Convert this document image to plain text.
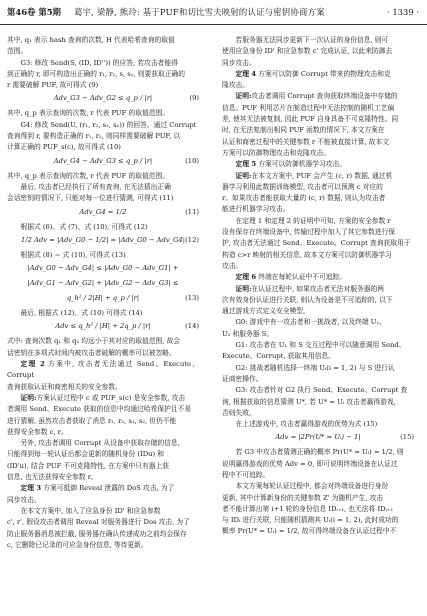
第46卷 第5期 葛宇, 梁静, 熊玲: 基于PUF和切比雪夫映射的认证与密钥协商方案	· 1339 ·

其中, q₁ 表示 hash 查询的次数, H 代表哈希查询的取值

范围。

G3: 修改 Send(S, (ID, ID'')) 的应答, 若攻击者能得

到正确的 r, 即可构造出正确的 r₁, r₂, s, s₂, 则要获取正确的

r 需要破解 PUF, 故可得式 (9)

Adv_G3 − Adv_G2 ≤ q_p / |r|	(9)

其中, q_p 表示查询的次数, r 代表 PUF 的取值范围。

G4: 修改 Send(U, (r₁, r₂, s₁, s₂)) 的回答。通过 Corrupt

查询得到 r, 要构造正确的 r₁, r₂, 则同样需要破解 PUF, 以

计算正确的 PUF_s(c), 故可得式 (10)

Adv_G4 − Adv_G3 ≤ q_p / |r|	(10)

其中, q_p 表示查询的次数, r 代表 PUF 的取值范围。

最后, 攻击者已经执行了所有查询, 在无法猜出正确

会话密钥的情况下, 只能对每一位进行猜测, 可得式 (11)

Adv_G4 = 1/2	(11)

根据式 (6)、式 (7)、式 (10), 可得式 (12)

1/2 Adv = |Adv_G0 − 1/2| = |Adv_G0 − Adv_G4| (12)

根据式 (8) ~ 式 (10), 可得式 (13)

|Adv_G0 − Adv_G4| ≤ |Adv_G0 − Adv_G1| +
|Adv_G1 − Adv_G2| + |Adv_G2 − Adv_G3| ≤
q_h² / 2|H| + q_p / |r|	(13)

最后, 根据式 (12)、式 (10) 可得式 (14)

Adv ≤ q_h² / |H| + 2q_p / |r|	(14)

式中: 查询次数 q₁ 和 q₂ 均远小于其对应的取值范围, 故会

话密钥在多项式时间内被攻击者破解的概率可以被忽略。

定理 2 方案中, 攻击者无法通过 Send、Execute、Corrupt

查询获取认证和商密相关的安全参数。

证明:方案认证过程中 c 或 PUF_s(c) 是安全参数, 攻击

者调用 Send、Execute 获取的信息中均通过哈希保护且不易

进行猜解, 虽然攻击者获取了消息 r₁, r₂, s₁, s₂, 但仍不能

获得安全参数 c, r。

另外, 攻击者调用 Corrupt 从设备中获取存储的信息,

只能得到每一轮认证后都会更新的随机身份 (IDu) 和

(ID'u), 结合 PUF 不可克隆特性, 在方案中只有器上获

信息, 也无法获得安全参数 r。

定理 3 方案可抵御 Reveal 泄露的 DoS 攻击, 为了

同步攻击。

在本文方案中, 加入了应急身份 ID' 和应急参数

c', r', 假设攻击者调用 Reveal 对服务器进行 Dos 攻击, 为了

防止服务器消息被拦截, 服务器在确认传递成功之前均会保存

c, 它删除已记录的可应急身份信息, 等待更新。

若服务器无法同步更新下一次认证的身份信息, 则可

使用应急身份 ID' 和应急参数 c' 完成认证, 以此来防御去

同步攻击。

定理 4 方案可以防御 Corrupt 带来的物理攻击和克

隆攻击。

证明:攻击者调用 Corrupt 查询获取终端设备中存储的

信息。PUF 利用芯片在制造过程中无法控制的随机工艺偏

差, 使其无法被复制, 因此 PUF 自身具备不可克隆特性。同

时, 在无法复制出相同 PUF 函数的情况下, 本文方案在

认证和商密过程中的关键参数 r 不能被直接计算, 故本文

方案可以防御物理攻击和克隆攻击。

定理 5 方案可以防御机器学习攻击。

证明:在本文方案中, PUF 会产生 (c, r) 数据, 通过机

器学习利用此数据训练模型, 攻击者可以预测 c 对应的

r。如果攻击者能获取大量的 (c, r) 数据, 则认为攻击者

能进行机器学习攻击。

在定理 1 和定理 2 的证明中可知, 方案的安全参数 r

没有保存在终端设备中, 传输过程中加入了其它参数进行保

护, 攻击者无法通过 Send、Execute、Corrupt 查询获取用于

构造 c>r 映射的相关信息, 故本文方案可以防御机器学习

攻击。

定理 6 终端在每轮认证中不可追踪。

证明:在认证过程中, 如果攻击者无法对服务器的两

次有效身份认证进行关联, 则认为设备是不可追踪的, 以下

通过游戏方式定义安全模型。

G0: 游戏中有一攻击者和一挑战者, 以及终端 U₁、

U₂ 和服务器 S。

G1: 攻击者在 U₁ 和 S 交互过程中可以随意调用 Send、

Execute、Corrupt, 获取其用信息。

G2: 挑战者随机选择一终端 Uᵢ(i = 1, 2) 与 S 进行认

证商密操作。

G3: 攻击者针对 G2 执行 Send、Execute、Corrupt 查

询, 根据获取的信息猜测 U*, 若 U* = Uᵢ 攻击者赢得游戏,

否则失败。

在上述游戏中, 攻击者赢得游戏的优势为式 (15)

Adv = |2Pr(U* = Uᵢ) − 1|	(15)

若 G3 中攻击者猜测正确的概率 Pr(U* = Uᵢ) = 1/2, 则

说明赢得游戏的优势 Adv = 0, 即可说明终端设备在认证过

程中不可追踪。

本文方案每轮认证过程中, 都会对终端设备进行身份

更新, 其中计算新身份的关键参数 Z' 为随机产生, 攻击

者不能计算出第 i+1 轮的身份信息 IDᵢ₊₁, 也无法将 IDᵢ₊₁

与 IDᵢ 进行关联, 只能随机猜测其 Uᵢ(i = 1, 2), 此时成功的

概率 Pr(U* = Uᵢ) = 1/2, 故可得终端设备在认证过程中不
